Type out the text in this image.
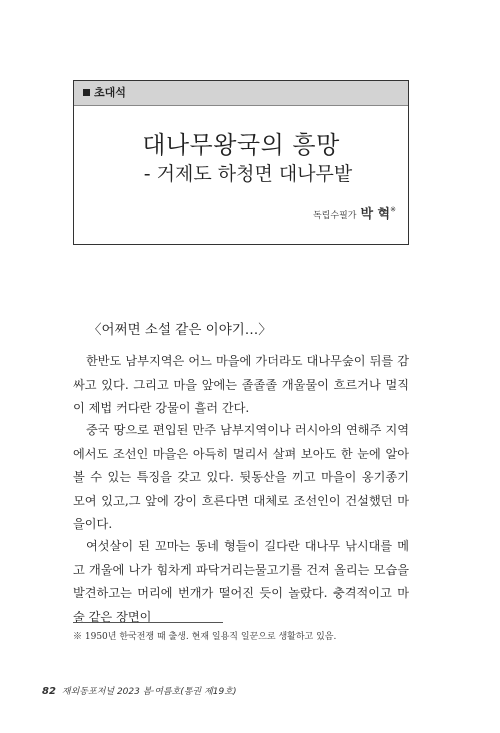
초대석
대나무왕국의 흥망
- 거제도 하청면 대나무밭
독립수필가 박 혁※
〈어쩌면 소설 같은 이야기…〉

한반도 남부지역은 어느 마을에 가더라도 대나무숲이 뒤를 감싸고 있다. 그리고 마을 앞에는 졸졸졸 개울물이 흐르거나 멀직이 제법 커다란 강물이 흘러 간다.

중국 땅으로 편입된 만주 남부지역이나 러시아의 연해주 지역에서도 조선인 마을은 아득히 멀리서 살펴 보아도 한 눈에 알아볼 수 있는 특징을 갖고 있다. 뒷동산을 끼고 마을이 옹기종기 모여 있고,그 앞에 강이 흐른다면 대체로 조선인이 건설했던 마을이다.

여섯살이 된 꼬마는 동네 형들이 길다란 대나무 낚시대를 메고 개울에 나가 힘차게 파닥거리는물고기를 건져 올리는 모습을 발견하고는 머리에 번개가 떨어진 듯이 놀랐다. 충격적이고 마술 같은 장면이

※ 1950년 한국전쟁 때 출생. 현재 일용직 일꾼으로 생활하고 있음.
82 재외동포저널 2023 봄·여름호(통권 제19호)
